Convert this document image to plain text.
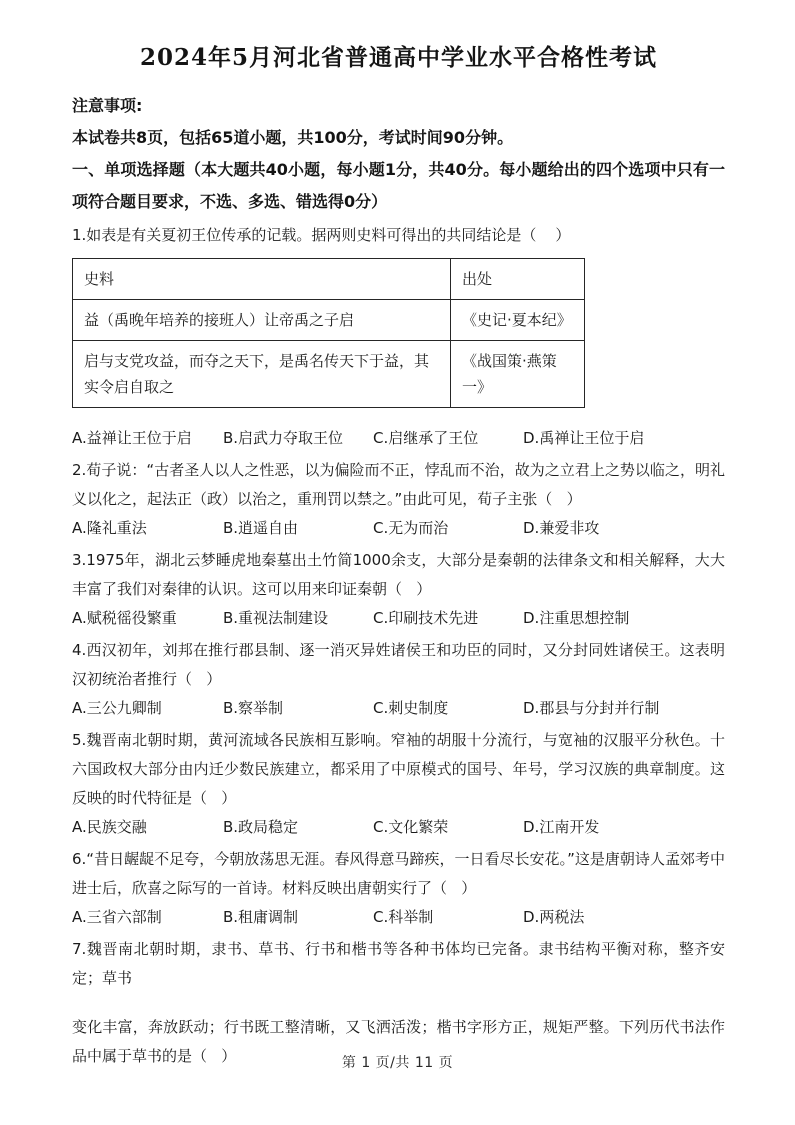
2024年5月河北省普通高中学业水平合格性考试
注意事项:
本试卷共8页，包括65道小题，共100分，考试时间90分钟。
一、单项选择题（本大题共40小题，每小题1分，共40分。每小题给出的四个选项中只有一项符合题目要求，不选、多选、错选得0分）
1.如表是有关夏初王位传承的记载。据两则史料可得出的共同结论是（    ）
史料	出处
益（禹晚年培养的接班人）让帝禹之子启	《史记·夏本纪》
启与支党攻益，而夺之天下，是禹名传天下于益，其实令启自取之	《战国策·燕策一》
A.益禅让王位于启	B.启武力夺取王位	C.启继承了王位	D.禹禅让王位于启
2.荀子说：“古者圣人以人之性恶，以为偏险而不正，悖乱而不治，故为之立君上之势以临之，明礼义以化之，起法正（政）以治之，重刑罚以禁之。”由此可见，荀子主张（   ）
A.隆礼重法	B.逍遥自由	C.无为而治	D.兼爱非攻
3.1975年，湖北云梦睡虎地秦墓出土竹简1000余支，大部分是秦朝的法律条文和相关解释，大大丰富了我们对秦律的认识。这可以用来印证秦朝（   ）
A.赋税徭役繁重	B.重视法制建设	C.印刷技术先进	D.注重思想控制
4.西汉初年，刘邦在推行郡县制、逐一消灭异姓诸侯王和功臣的同时，又分封同姓诸侯王。这表明汉初统治者推行（   ）
A.三公九卿制	B.察举制	C.刺史制度	D.郡县与分封并行制
5.魏晋南北朝时期，黄河流域各民族相互影响。窄袖的胡服十分流行，与宽袖的汉服平分秋色。十六国政权大部分由内迁少数民族建立，都采用了中原模式的国号、年号，学习汉族的典章制度。这反映的时代特征是（   ）
A.民族交融	B.政局稳定	C.文化繁荣	D.江南开发
6.“昔日龌龊不足夸，今朝放荡思无涯。春风得意马蹄疾，一日看尽长安花。”这是唐朝诗人孟郊考中进士后，欣喜之际写的一首诗。材料反映出唐朝实行了（   ）
A.三省六部制	B.租庸调制	C.科举制	D.两税法
7.魏晋南北朝时期，隶书、草书、行书和楷书等各种书体均已完备。隶书结构平衡对称，整齐安定；草书
变化丰富，奔放跃动；行书既工整清晰，又飞洒活泼；楷书字形方正，规矩严整。下列历代书法作品中属于草书的是（   ）	第 1 页/共 11 页
